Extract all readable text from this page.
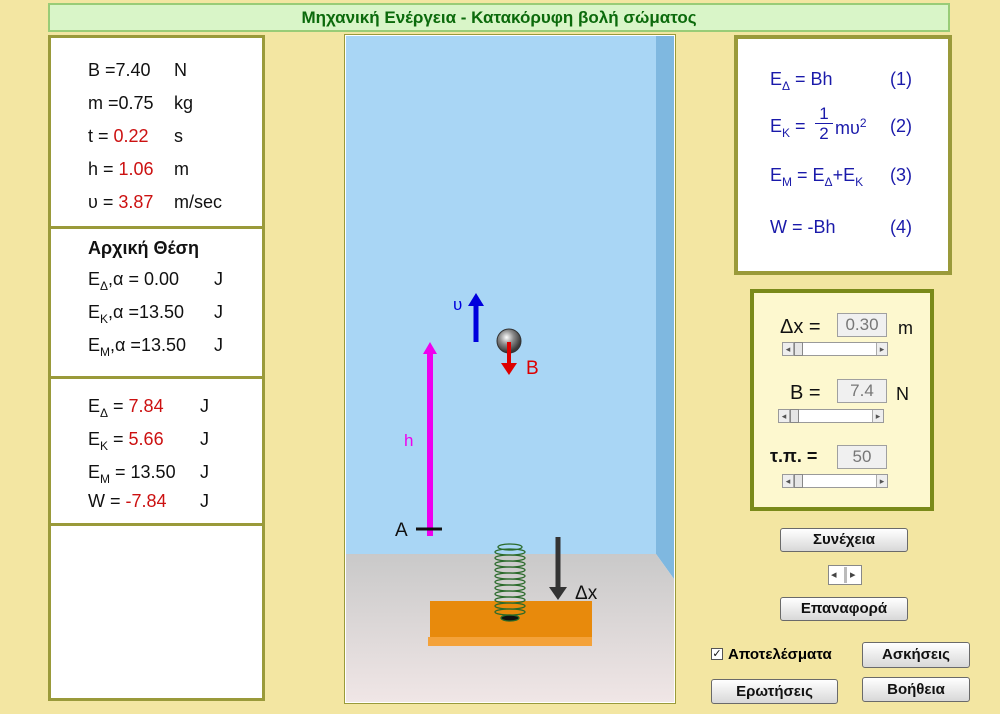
Μηχανική Ενέργεια - Κατακόρυφη βολή σώματος
B =7.40 N
m =0.75 kg
t = 0.22 s
h = 1.06 m
υ = 3.87 m/sec
Αρχική Θέση
$E_\Delta,\alpha = 0.00$ J
$E_K,\alpha =13.50$ J
$E_M,\alpha =13.50$ J
$E_\Delta = 7.84$ J
$E_K = 5.66$ J
$E_M = 13.50$ J
W = -7.84 J
Δx
h
A
υ
B
$E_\Delta = Bh$	(1)
$E_K$ =
1
2 $m\upsilon^2$ (2)
$E_M = E_\Delta+E_K$ (3)
W = -Bh	(4)
Δx =	0.30	m
◂	▸
B =	7.4	N
◂	▸
τ.π. =	50
◂	▸
Συνέχεια
◂ ▸
Επαναφορά
✓ Αποτελέσματα	Ασκήσεις
Ερωτήσεις	Βοήθεια
